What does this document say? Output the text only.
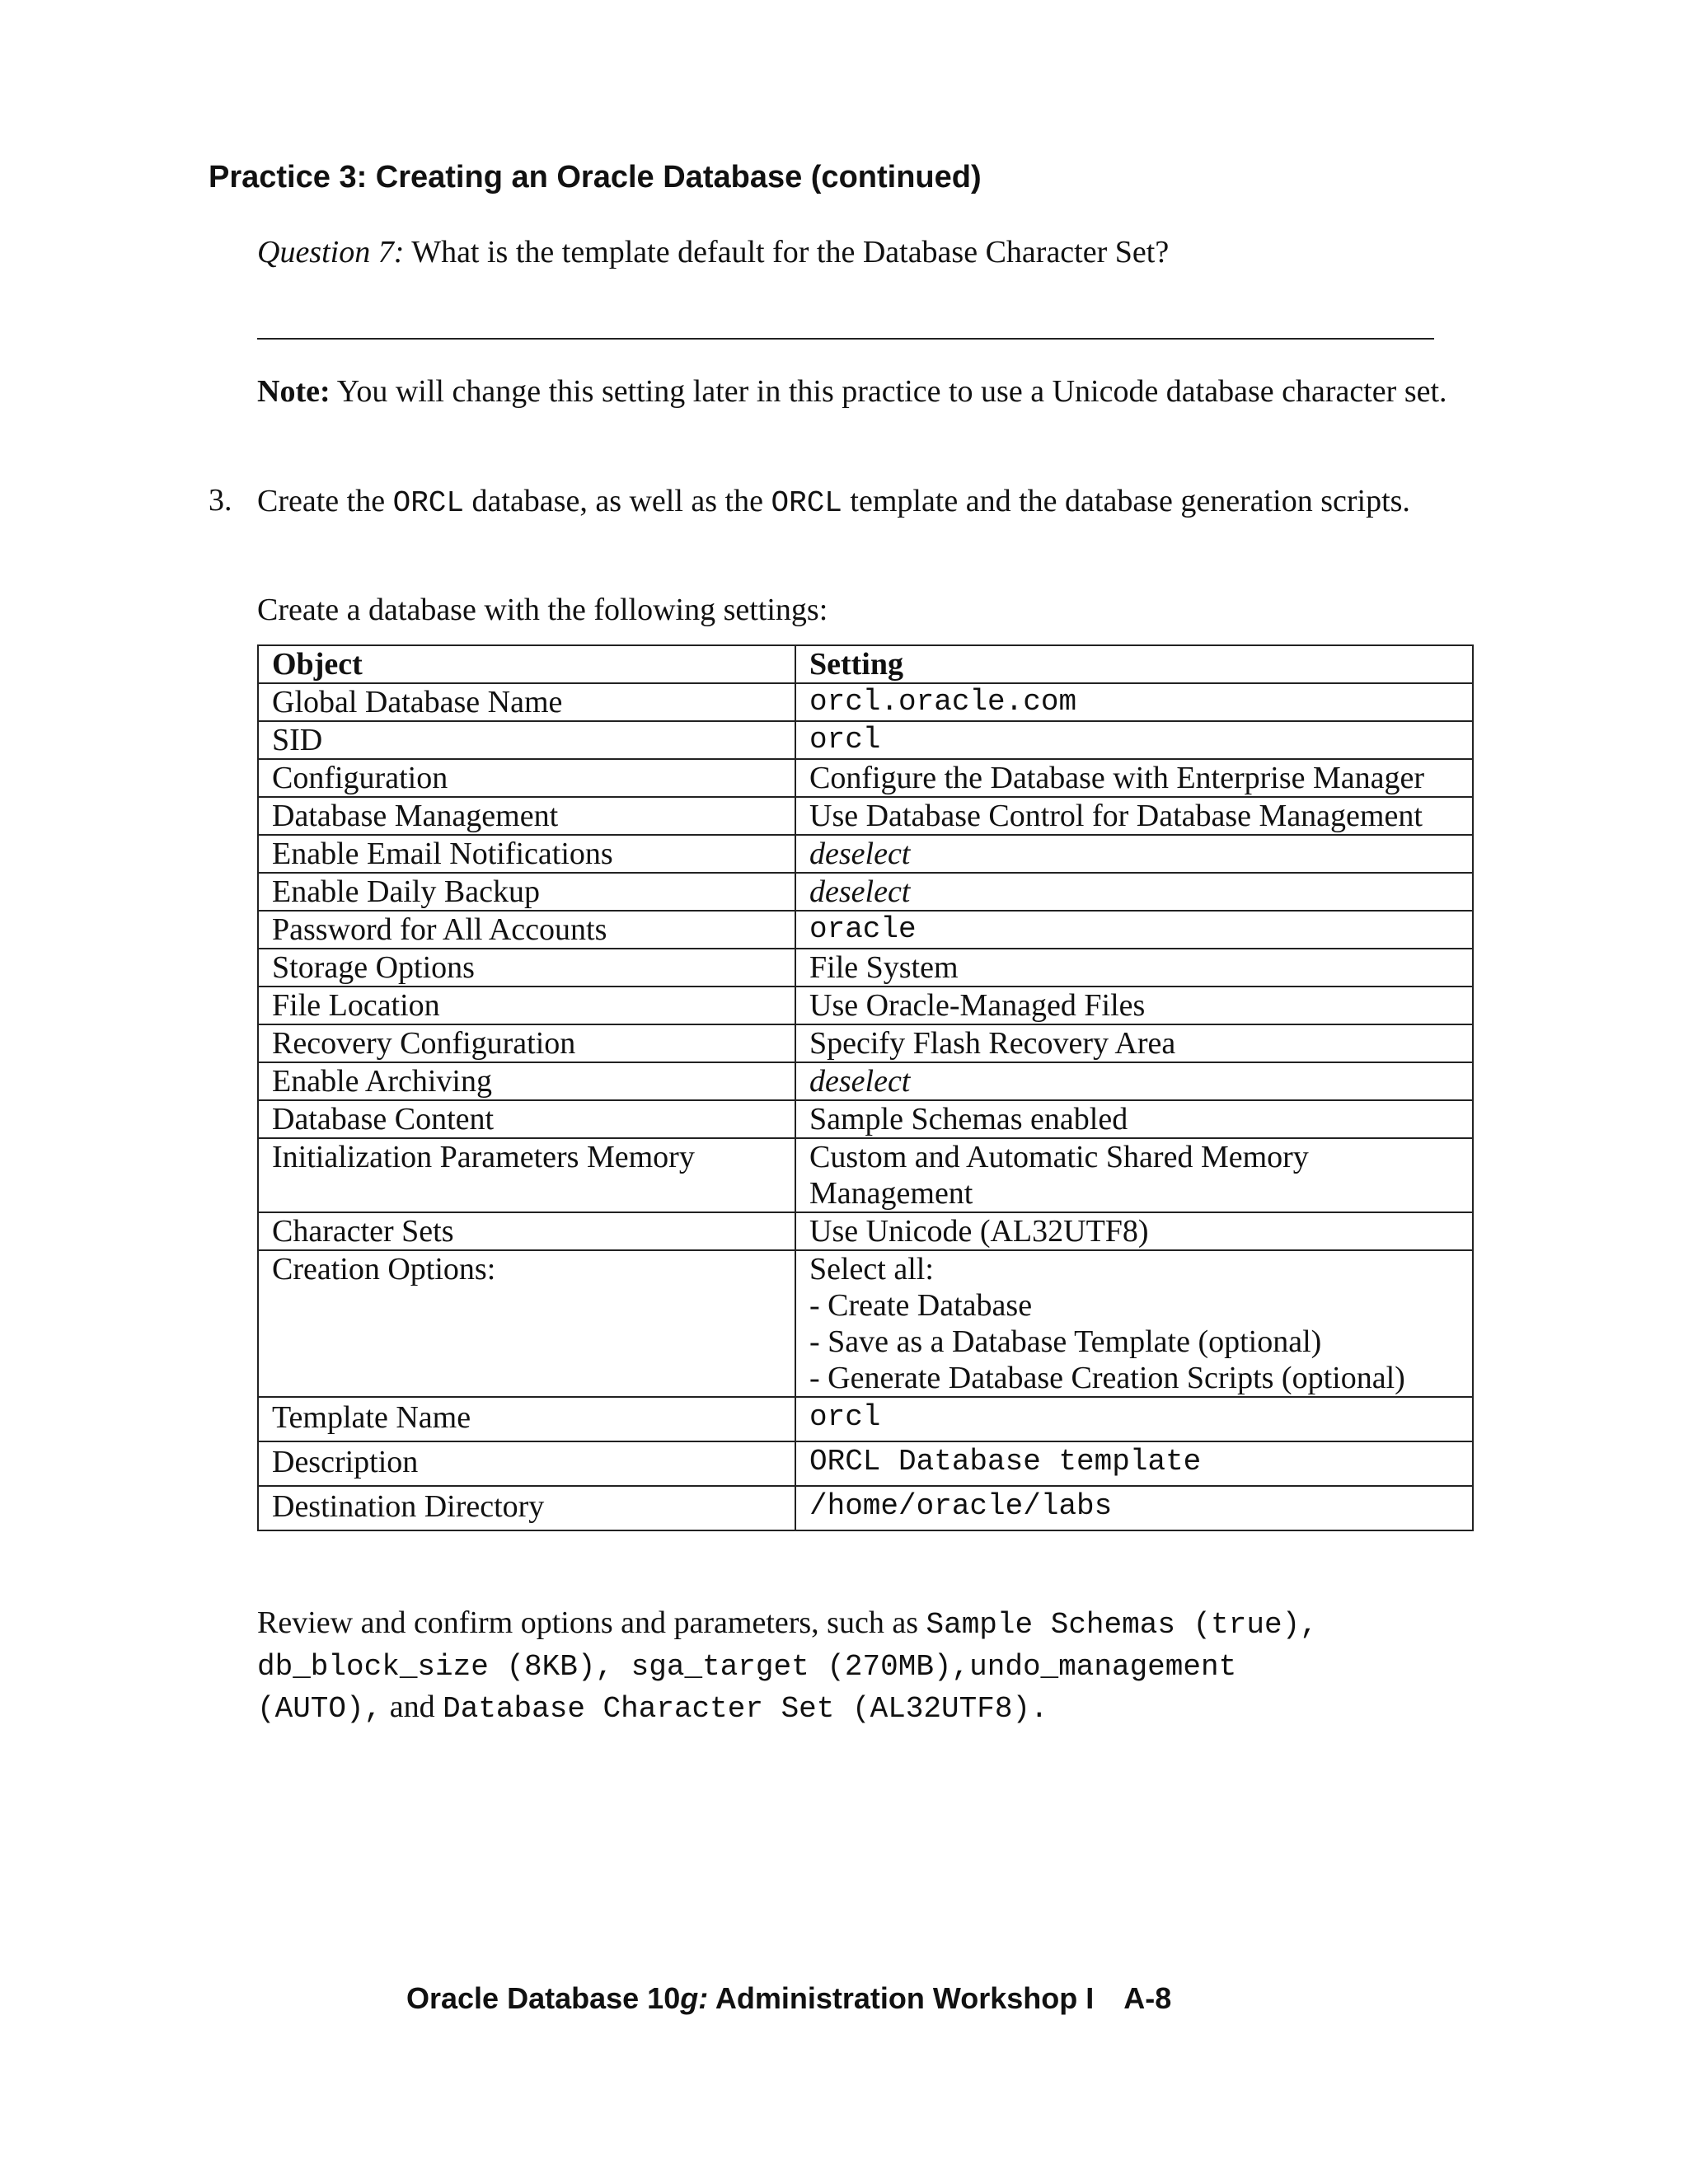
Practice 3: Creating an Oracle Database (continued)
Question 7: What is the template default for the Database Character Set?
Note: You will change this setting later in this practice to use a Unicode database character set.
3. Create the ORCL database, as well as the ORCL template and the database generation scripts.
Create a database with the following settings:
Object	Setting
Global Database Name	orcl.oracle.com
SID	orcl
Configuration	Configure the Database with Enterprise Manager
Database Management	Use Database Control for Database Management
Enable Email Notifications	deselect
Enable Daily Backup	deselect
Password for All Accounts	oracle
Storage Options	File System
File Location	Use Oracle-Managed Files
Recovery Configuration	Specify Flash Recovery Area
Enable Archiving	deselect
Database Content	Sample Schemas enabled
Initialization Parameters Memory	Custom and Automatic Shared Memory Management
Character Sets	Use Unicode (AL32UTF8)
Creation Options:	Select all:
- Create Database
- Save as a Database Template (optional)
- Generate Database Creation Scripts (optional)

Template Name	orcl
Description	ORCL Database template
Destination Directory	/home/oracle/labs
Review and confirm options and parameters, such as Sample Schemas (true),
db_block_size (8KB), sga_target (270MB),undo_management
(AUTO), and Database Character Set (AL32UTF8).
Oracle Database 10g: Administration Workshop I A-8
